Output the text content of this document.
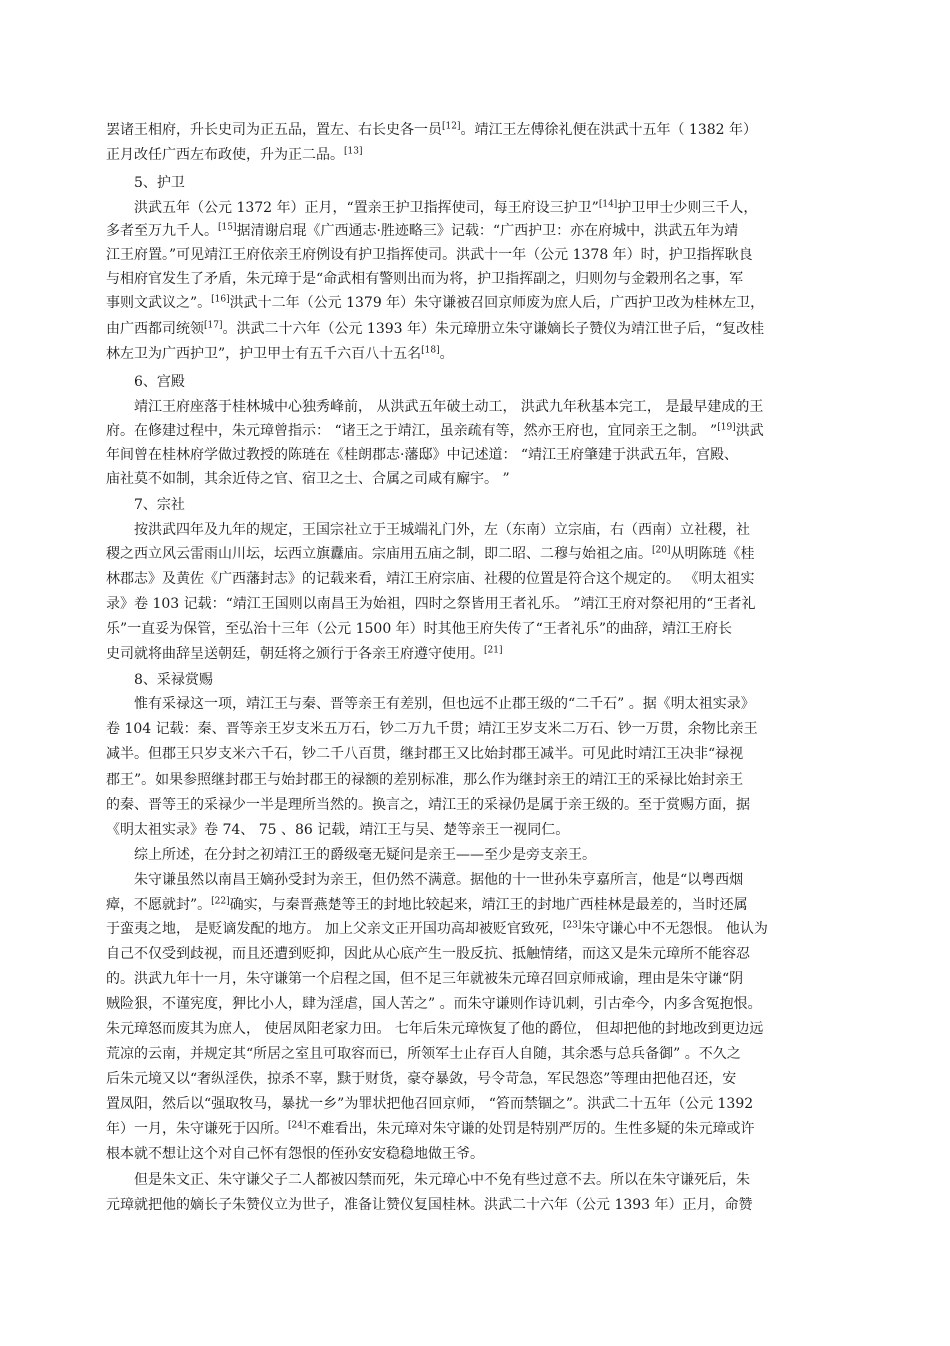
罢诸王相府，升长史司为正五品，置左、右长史各一员[12]。靖江王左傅徐礼便在洪武十五年（ 1382 年）
正月改任广西左布政使，升为正二品。[13]
5、护卫
洪武五年（公元 1372 年）正月，“置亲王护卫指挥使司，每王府设三护卫”[14]护卫甲士少则三千人，
多者至万九千人。[15]据清谢启琨《广西通志·胜迹略三》记载：“广西护卫：亦在府城中，洪武五年为靖
江王府置。”可见靖江王府依亲王府例设有护卫指挥使司。洪武十一年（公元 1378 年）时，护卫指挥耿良
与相府官发生了矛盾，朱元璋于是“命武相有警则出而为将，护卫指挥副之，归则勿与金穀刑名之事，军
事则文武议之”。[16]洪武十二年（公元 1379 年）朱守谦被召回京师废为庶人后，广西护卫改为桂林左卫，
由广西都司统领[17]。洪武二十六年（公元 1393 年）朱元璋册立朱守谦嫡长子赞仪为靖江世子后，“复改桂
林左卫为广西护卫”，护卫甲士有五千六百八十五名[18]。
6、宫殿
靖江王府座落于桂林城中心独秀峰前， 从洪武五年破土动工， 洪武九年秋基本完工， 是最早建成的王
府。在修建过程中，朱元璋曾指示： “诸王之于靖江，虽亲疏有等，然亦王府也，宜同亲王之制。 ”[19]洪武
年间曾在桂林府学做过教授的陈琏在《桂朗郡志·藩邸》中记述道： “靖江王府肇建于洪武五年，宫殿、
庙社莫不如制，其余近侍之官、宿卫之士、合属之司咸有廨宇。 ”
7、宗社
按洪武四年及九年的规定，王国宗社立于王城端礼门外，左（东南）立宗庙，右（西南）立社稷，社
稷之西立风云雷雨山川坛，坛西立旗纛庙。宗庙用五庙之制，即二昭、二穆与始祖之庙。[20]从明陈琏《桂
林郡志》及黄佐《广西藩封志》的记载来看，靖江王府宗庙、社稷的位置是符合这个规定的。 《明太祖实
录》卷 103 记载：“靖江王国则以南昌王为始祖，四时之祭皆用王者礼乐。 ”靖江王府对祭祀用的“王者礼
乐”一直妥为保管，至弘治十三年（公元 1500 年）时其他王府失传了“王者礼乐”的曲辞，靖江王府长
史司就将曲辞呈送朝廷，朝廷将之颁行于各亲王府遵守使用。[21]
8、采禄赏赐
惟有采禄这一项，靖江王与秦、晋等亲王有差别，但也远不止郡王级的“二千石” 。据《明太祖实录》
卷 104 记载：秦、晋等亲王岁支米五万石，钞二万九千贯；靖江王岁支米二万石、钞一万贯，余物比亲王
减半。但郡王只岁支米六千石，钞二千八百贯，继封郡王又比始封郡王减半。可见此时靖江王决非“禄视
郡王”。如果参照继封郡王与始封郡王的禄额的差别标准，那么作为继封亲王的靖江王的采禄比始封亲王
的秦、晋等王的采禄少一半是理所当然的。换言之，靖江王的采禄仍是属于亲王级的。至于赏赐方面，据
《明太祖实录》卷 74、 75 、86 记载，靖江王与吴、楚等亲王一视同仁。
综上所述，在分封之初靖江王的爵级毫无疑问是亲王——至少是旁支亲王。
朱守谦虽然以南昌王嫡孙受封为亲王，但仍然不满意。据他的十一世孙朱亨嘉所言，他是“以粤西烟
瘴，不愿就封”。[22]确实，与秦晋燕楚等王的封地比较起来，靖江王的封地广西桂林是最差的，当时还属
于蛮夷之地， 是贬谪发配的地方。 加上父亲文正开国功高却被贬官致死，[23]朱守谦心中不无怨恨。 他认为
自己不仅受到歧视，而且还遭到贬抑，因此从心底产生一股反抗、抵触情绪，而这又是朱元璋所不能容忍
的。洪武九年十一月，朱守谦第一个启程之国，但不足三年就被朱元璋召回京师戒谕，理由是朱守谦“阴
贼险狠，不谨宪度，狎比小人，肆为淫虐，国人苦之” 。而朱守谦则作诗讥刺，引古牵今，内多含冤抱恨。
朱元璋怒而废其为庶人， 使居凤阳老家力田。 七年后朱元璋恢复了他的爵位， 但却把他的封地改到更边远
荒凉的云南，并规定其“所居之室且可取容而已，所领军士止存百人自随，其余悉与总兵备御” 。不久之
后朱元境又以“奢纵淫佚，掠杀不辜，黩于财货，豪夺暴敛，号令苛急，军民怨恣”等理由把他召还，安
置凤阳，然后以“强取牧马，暴扰一乡”为罪状把他召回京师， “笞而禁锢之”。洪武二十五年（公元 1392
年）一月，朱守谦死于囚所。[24]不难看出，朱元璋对朱守谦的处罚是特别严厉的。生性多疑的朱元璋或许
根本就不想让这个对自己怀有怨恨的侄孙安安稳稳地做王爷。
但是朱文正、朱守谦父子二人都被囚禁而死，朱元璋心中不免有些过意不去。所以在朱守谦死后，朱
元璋就把他的嫡长子朱赞仪立为世子，准备让赞仪复国桂林。洪武二十六年（公元 1393 年）正月，命赞
